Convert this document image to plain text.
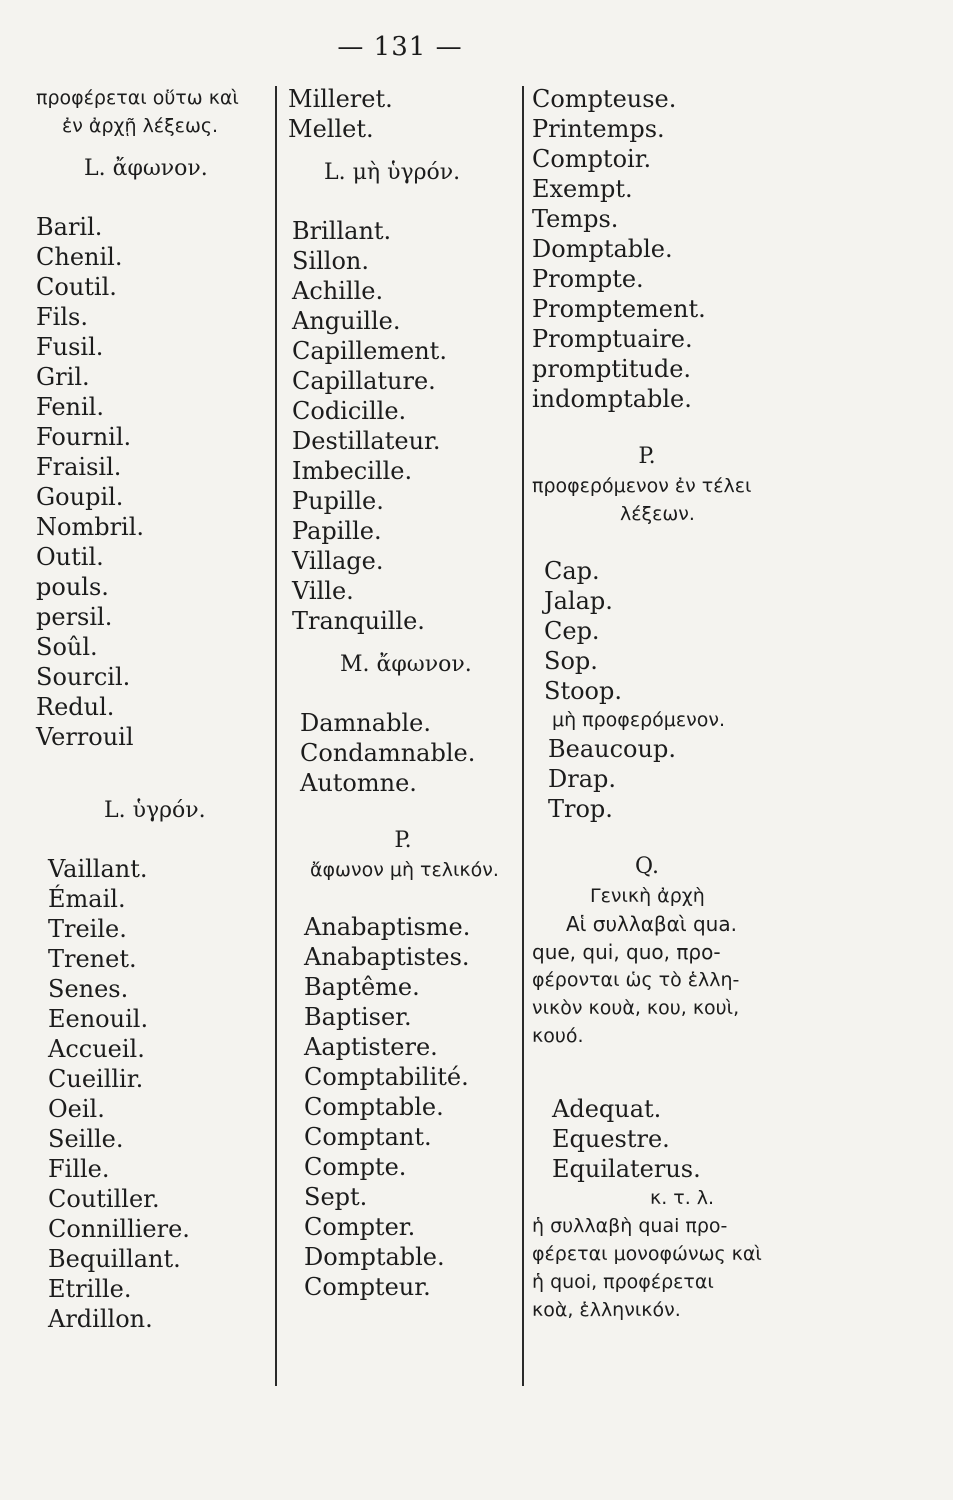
— 131 —
προφέρεται οὕτω καὶ
ἐν ἀρχῇ λέξεως.
L. ἄφωνον.
Baril.
Chenil.
Coutil.
Fils.
Fusil.
Gril.
Fenil.
Fournil.
Fraisil.
Goupil.
Nombril.
Outil.
pouls.
persil.
Soûl.
Sourcil.
Redul.
Verrouil
L. ὑγρόν.
Vaillant.
Émail.
Treile.
Trenet.
Senes.
Eenouil.
Accueil.
Cueillir.
Oeil.
Seille.
Fille.
Coutiller.
Connilliere.
Bequillant.
Etrille.
Ardillon.
Milleret.
Mellet.
L. μὴ ὑγρόν.
Brillant.
Sillon.
Achille.
Anguille.
Capillement.
Capillature.
Codicille.
Destillateur.
Imbecille.
Pupille.
Papille.
Village.
Ville.
Tranquille.
M. ἄφωνον.
Damnable.
Condamnable.
Automne.
P.
ἄφωνον μὴ τελικόν.
Anabaptisme.
Anabaptistes.
Baptême.
Baptiser.
Aaptistere.
Comptabilité.
Comptable.
Comptant.
Compte.
Sept.
Compter.
Domptable.
Compteur.
Compteuse.
Printemps.
Comptoir.
Exempt.
Temps.
Domptable.
Prompte.
Promptement.
Promptuaire.
promptitude.
indomptable.
P.
προφερόμενον ἐν τέλει
λέξεων.
Cap.
Jalap.
Cep.
Sop.
Stoop.
μὴ προφερόμενον.
Beaucoup.
Drap.
Trop.
Q.
Γενικὴ ἀρχὴ
Αἱ συλλαβαὶ qua.
que, qui, quo, προ-
φέρονται ὡς τὸ ἑλλη-
νικὸν κουὰ, κου, κουὶ,
κουό.
Adequat.
Equestre.
Equilaterus.
κ. τ. λ.
ἡ συλλαβὴ quai προ-
φέρεται μονοφώνως καὶ
ἡ quoi, προφέρεται
κοὰ, ἑλληνικόν.
